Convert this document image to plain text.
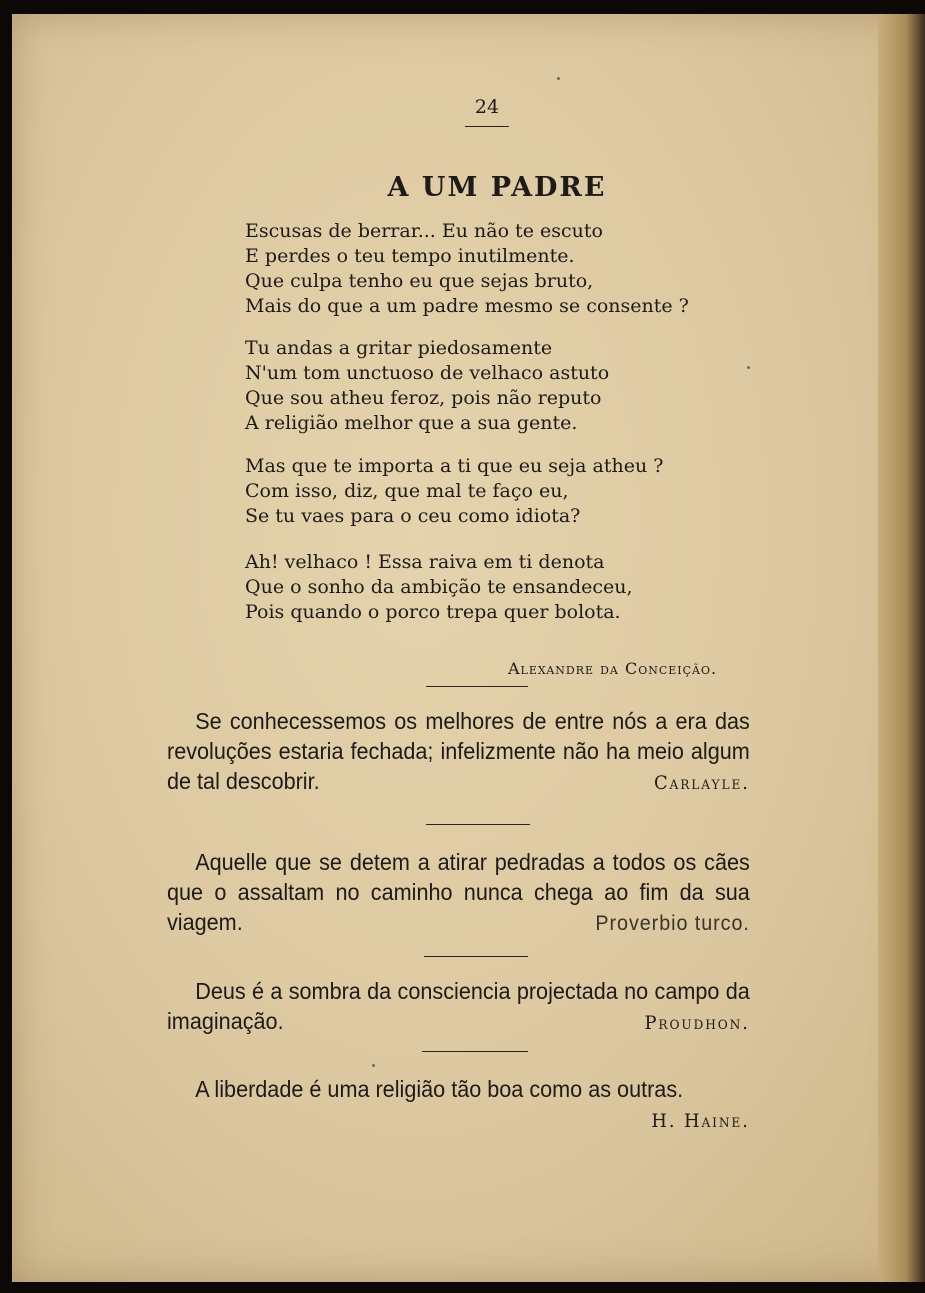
24
A UM PADRE
Escusas de berrar... Eu não te escuto
E perdes o teu tempo inutilmente.
Que culpa tenho eu que sejas bruto,
Mais do que a um padre mesmo se consente ?
Tu andas a gritar piedosamente
N'um tom unctuoso de velhaco astuto
Que sou atheu feroz, pois não reputo
A religião melhor que a sua gente.
Mas que te importa a ti que eu seja atheu ?
Com isso, diz, que mal te faço eu,
Se tu vaes para o ceu como idiota?
Ah! velhaco ! Essa raiva em ti denota
Que o sonho da ambição te ensandeceu,
Pois quando o porco trepa quer bolota.
Alexandre da Conceição.
Se conhecessemos os melhores de entre nós a era das revoluções estaria fechada; infelizmente não ha meio algum de tal descobrir.	Carlayle.
Aquelle que se detem a atirar pedradas a todos os cães que o assaltam no caminho nunca chega ao fim da sua viagem.	Proverbio turco.
Deus é a sombra da consciencia projectada no campo da imaginação.	Proudhon.
A liberdade é uma religião tão boa como as outras.
H. Haine.
